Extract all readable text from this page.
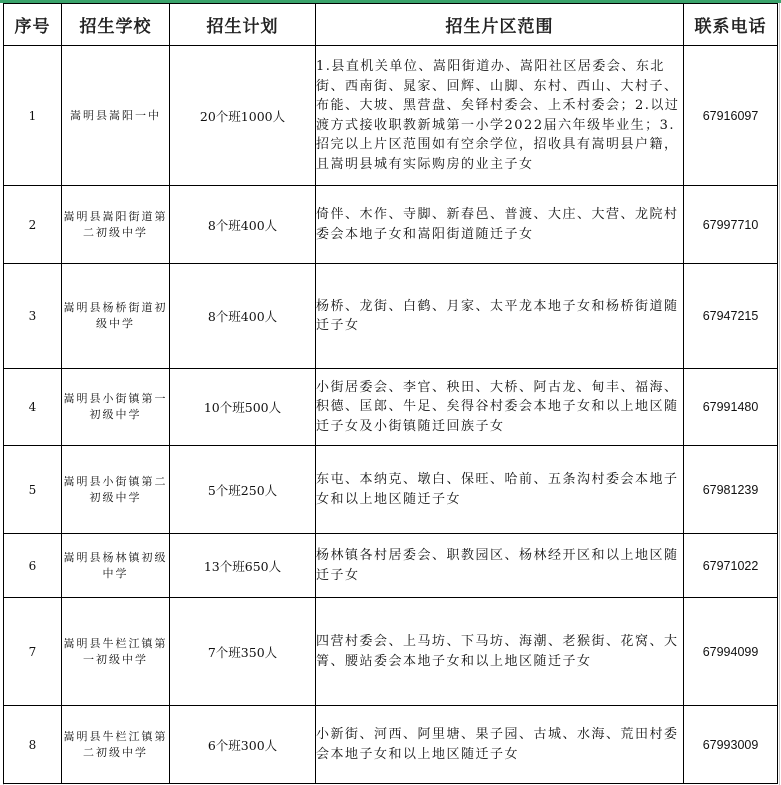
序号	招生学校	招生计划	招生片区范围	联系电话
1	嵩明县嵩阳一中	20个班1000人	1.县直机关单位、嵩阳街道办、嵩阳社区居委会、东北街、西南街、晁家、回辉、山脚、东村、西山、大村子、布能、大坡、黑营盘、矣铎村委会、上禾村委会；2.以过渡方式接收职教新城第一小学2022届六年级毕业生；3.招完以上片区范围如有空余学位，招收具有嵩明县户籍，且嵩明县城有实际购房的业主子女	67916097
2	嵩明县嵩阳街道第二初级中学	8个班400人	倚伴、木作、寺脚、新春邑、普渡、大庄、大营、龙院村委会本地子女和嵩阳街道随迁子女	67997710
3	嵩明县杨桥街道初级中学	8个班400人	杨桥、龙街、白鹤、月家、太平龙本地子女和杨桥街道随迁子女	67947215
4	嵩明县小街镇第一初级中学	10个班500人	小街居委会、李官、秧田、大桥、阿古龙、甸丰、福海、积德、匡郎、牛足、矣得谷村委会本地子女和以上地区随迁子女及小街镇随迁回族子女	67991480
5	嵩明县小街镇第二初级中学	5个班250人	东屯、本纳克、墩白、保旺、哈前、五条沟村委会本地子女和以上地区随迁子女	67981239
6	嵩明县杨林镇初级中学	13个班650人	杨林镇各村居委会、职教园区、杨林经开区和以上地区随迁子女	67971022
7	嵩明县牛栏江镇第一初级中学	7个班350人	四营村委会、上马坊、下马坊、海潮、老猴街、花窝、大箐、腰站委会本地子女和以上地区随迁子女	67994099
8	嵩明县牛栏江镇第二初级中学	6个班300人	小新街、河西、阿里塘、果子园、古城、水海、荒田村委会本地子女和以上地区随迁子女	67993009
